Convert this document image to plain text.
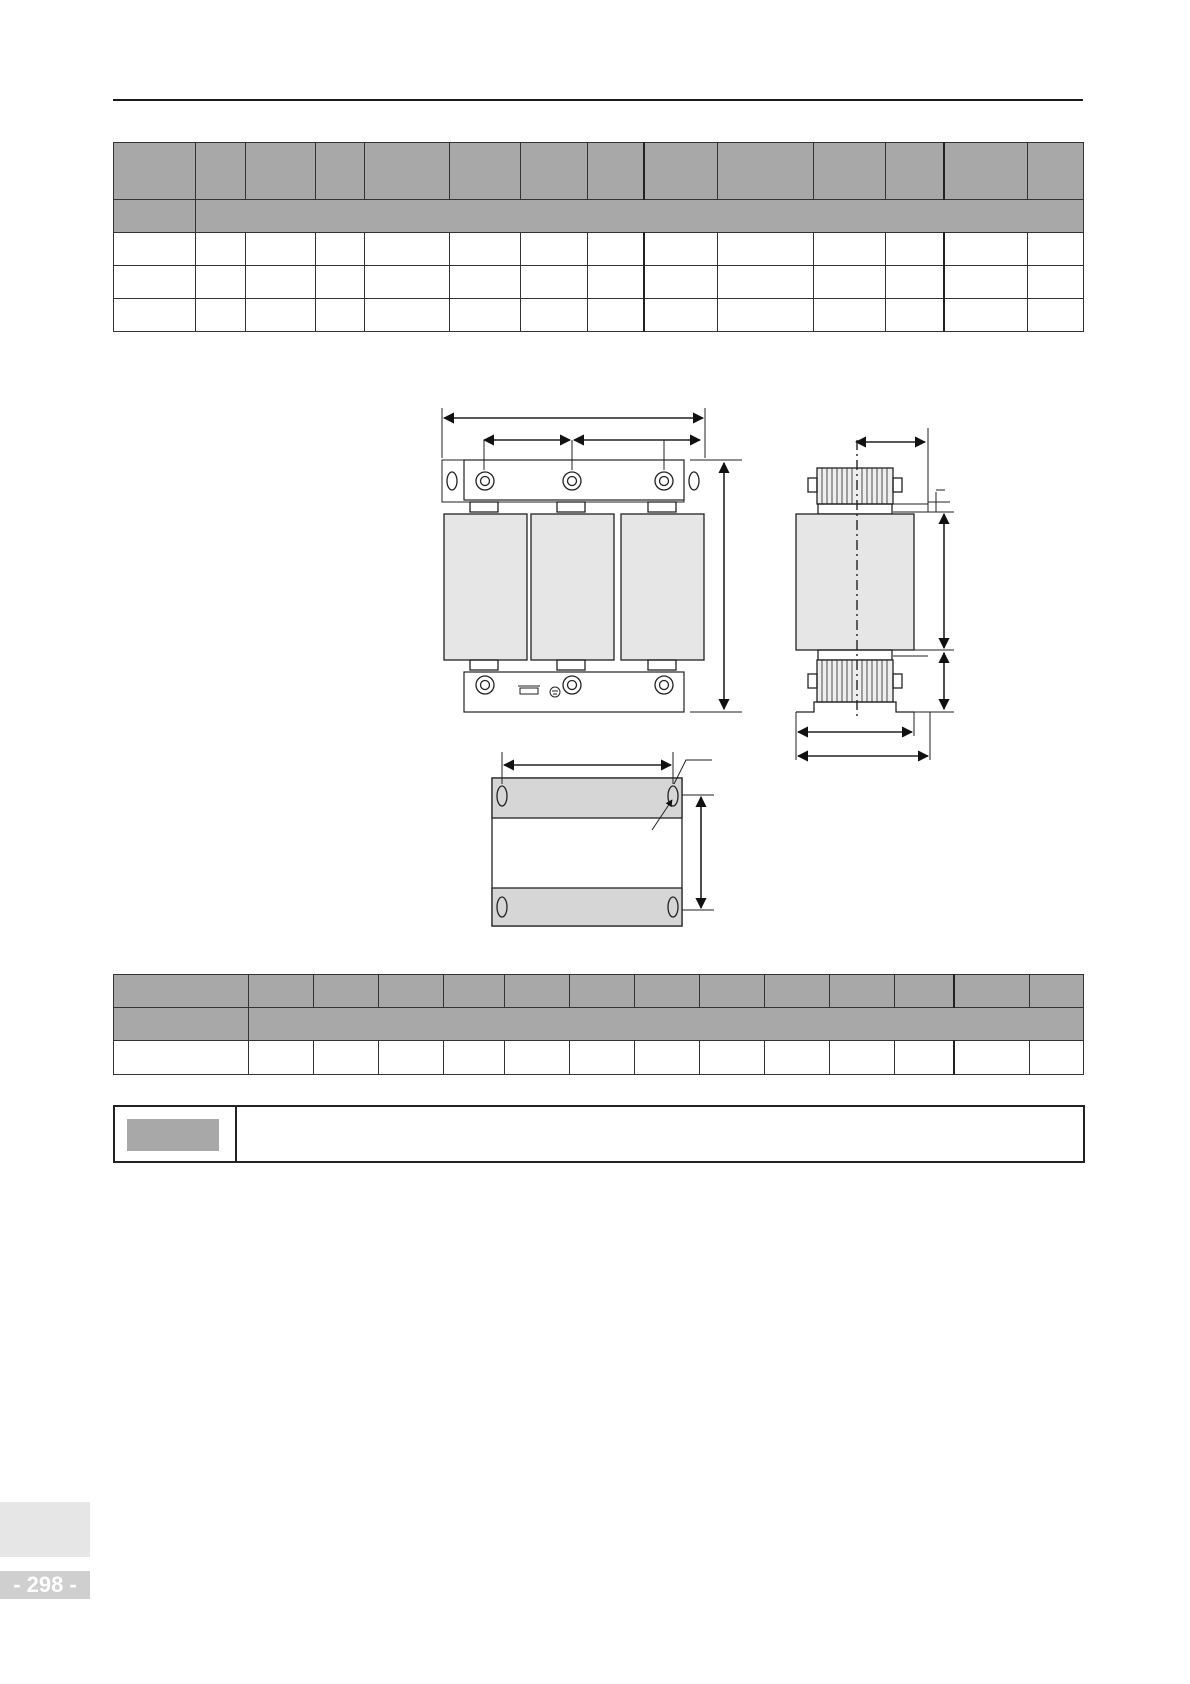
- 298 -
